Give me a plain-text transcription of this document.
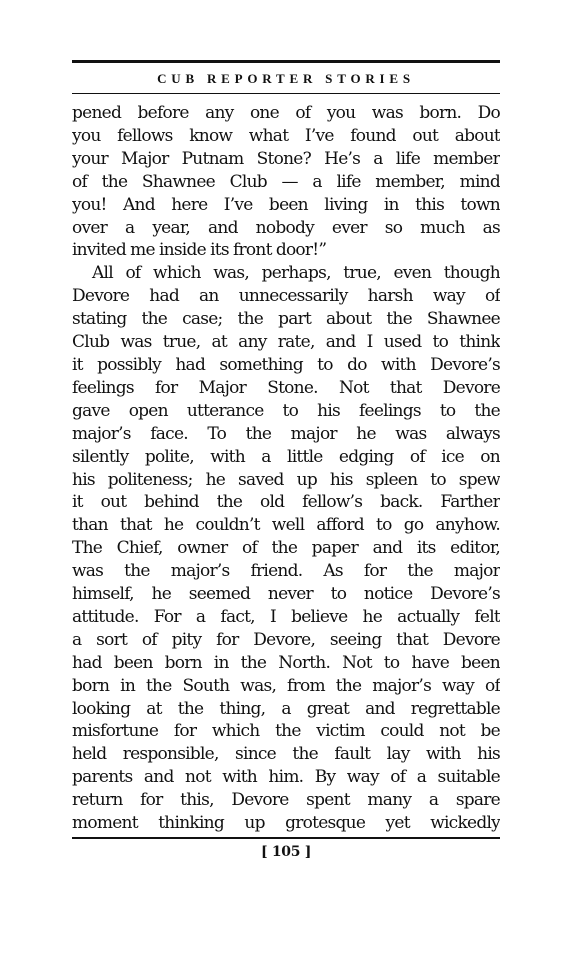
CUB REPORTER STORIES
pened before any one of you was born. Do
you fellows know what I’ve found out about
your Major Putnam Stone? He’s a life member
of the Shawnee Club — a life member, mind
you! And here I’ve been living in this town
over a year, and nobody ever so much as
invited me inside its front door!”
All of which was, perhaps, true, even though
Devore had an unnecessarily harsh way of
stating the case; the part about the Shawnee
Club was true, at any rate, and I used to think
it possibly had something to do with Devore’s
feelings for Major Stone. Not that Devore
gave open utterance to his feelings to the
major’s face. To the major he was always
silently polite, with a little edging of ice on
his politeness; he saved up his spleen to spew
it out behind the old fellow’s back. Farther
than that he couldn’t well afford to go anyhow.
The Chief, owner of the paper and its editor,
was the major’s friend. As for the major
himself, he seemed never to notice Devore’s
attitude. For a fact, I believe he actually felt
a sort of pity for Devore, seeing that Devore
had been born in the North. Not to have been
born in the South was, from the major’s way of
looking at the thing, a great and regrettable
misfortune for which the victim could not be
held responsible, since the fault lay with his
parents and not with him. By way of a suitable
return for this, Devore spent many a spare
moment thinking up grotesque yet wickedly
[ 105 ]
